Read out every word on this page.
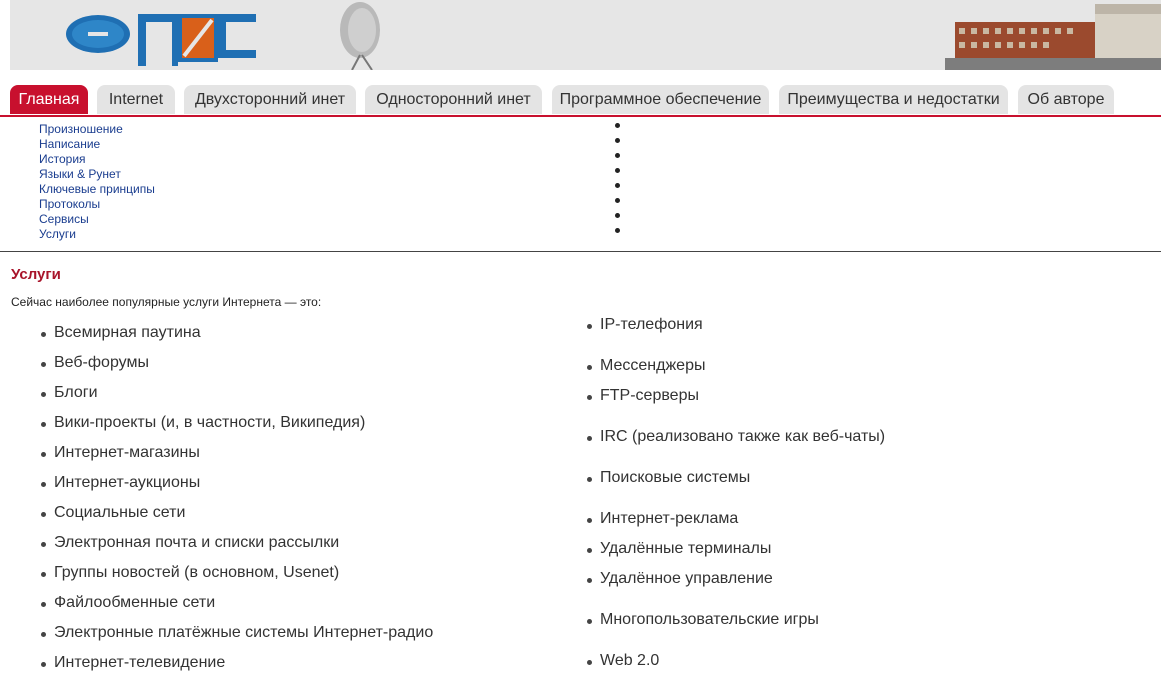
Главная	Internet	Двухсторонний инет	Односторонний инет	Программное обеспечение	Преимущества и недостатки	Об авторе
Произношение
Написание
История
Языки & Рунет
Ключевые принципы
Протоколы
Сервисы
Услуги
Услуги

Сейчас наиболее популярные услуги Интернета — это:

Всемирная паутина
Веб-форумы
Блоги
Вики-проекты (и, в частности, Википедия)
Интернет-магазины
Интернет-аукционы
Социальные сети
Электронная почта и списки рассылки
Группы новостей (в основном, Usenet)
Файлообменные сети
Электронные платёжные системы Интернет-радио
Интернет-телевидение
IP-телефония
Мессенджеры
FTP-серверы
IRC (реализовано также как веб-чаты)
Поисковые системы
Интернет-реклама
Удалённые терминалы
Удалённое управление
Многопользовательские игры
Web 2.0
